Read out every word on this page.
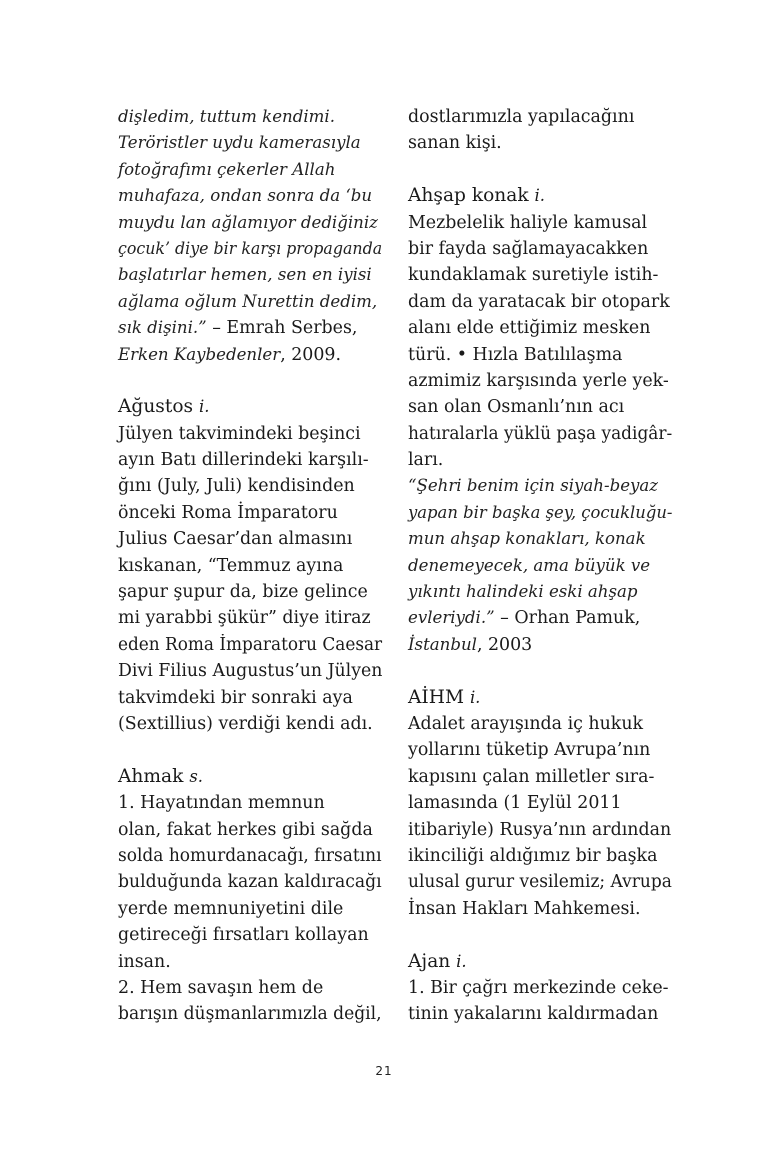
dişledim, tuttum kendimi.
Teröristler uydu kamerasıyla
fotoğrafımı çekerler Allah
muhafaza, ondan sonra da ‘bu
muydu lan ağlamıyor dediğiniz
çocuk’ diye bir karşı propaganda
başlatırlar hemen, sen en iyisi
ağlama oğlum Nurettin dedim,
sık dişini.” – Emrah Serbes,
Erken Kaybedenler, 2009.
Ağustos i.
Jülyen takvimindeki beşinci
ayın Batı dillerindeki karşılı-
ğını (July, Juli) kendisinden
önceki Roma İmparatoru
Julius Caesar’dan almasını
kıskanan, “Temmuz ayına
şapur şupur da, bize gelince
mi yarabbi şükür” diye itiraz
eden Roma İmparatoru Caesar
Divi Filius Augustus’un Jülyen
takvimdeki bir sonraki aya
(Sextillius) verdiği kendi adı.
Ahmak s.
1. Hayatından memnun
olan, fakat herkes gibi sağda
solda homurdanacağı, fırsatını
bulduğunda kazan kaldıracağı
yerde memnuniyetini dile
getireceği fırsatları kollayan
insan.
2. Hem savaşın hem de
barışın düşmanlarımızla değil,
dostlarımızla yapılacağını
sanan kişi.
Ahşap konak i.
Mezbelelik haliyle kamusal
bir fayda sağlamayacakken
kundaklamak suretiyle istih-
dam da yaratacak bir otopark
alanı elde ettiğimiz mesken
türü. • Hızla Batılılaşma
azmimiz karşısında yerle yek-
san olan Osmanlı’nın acı
hatıralarla yüklü paşa yadigâr-
ları.
“Şehri benim için siyah-beyaz
yapan bir başka şey, çocukluğu-
mun ahşap konakları, konak
denemeyecek, ama büyük ve
yıkıntı halindeki eski ahşap
evleriydi.” – Orhan Pamuk,
İstanbul, 2003
AİHM i.
Adalet arayışında iç hukuk
yollarını tüketip Avrupa’nın
kapısını çalan milletler sıra-
lamasında (1 Eylül 2011
itibariyle) Rusya’nın ardından
ikinciliği aldığımız bir başka
ulusal gurur vesilemiz; Avrupa
İnsan Hakları Mahkemesi.
Ajan i.
1. Bir çağrı merkezinde ceke-
tinin yakalarını kaldırmadan
21
